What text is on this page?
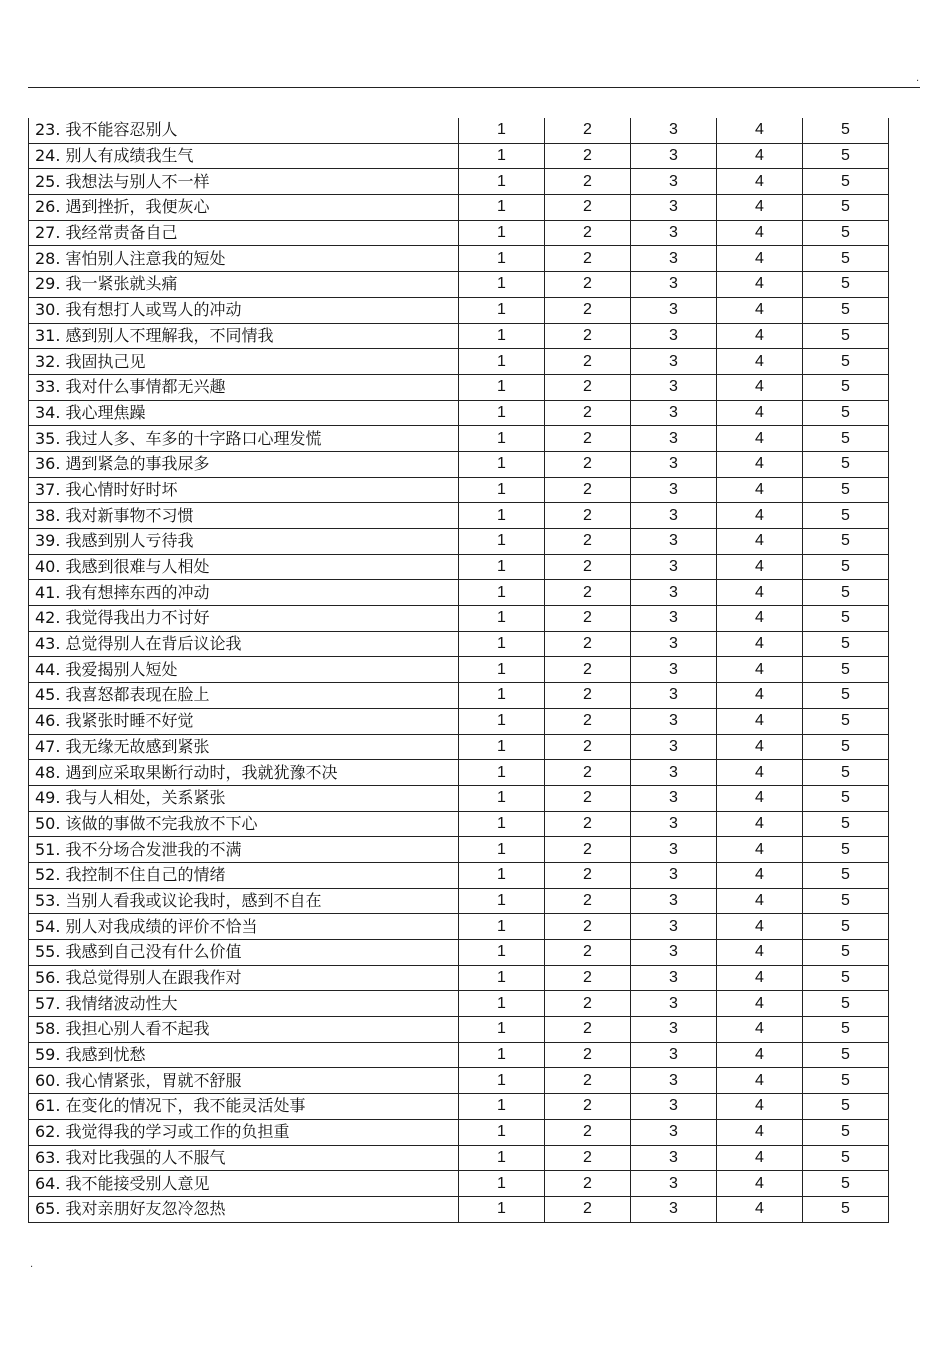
.
23. 我不能容忍别人	1	2	3	4	5
24. 别人有成绩我生气	1	2	3	4	5
25. 我想法与别人不一样	1	2	3	4	5
26. 遇到挫折，我便灰心	1	2	3	4	5
27. 我经常责备自己	1	2	3	4	5
28. 害怕别人注意我的短处	1	2	3	4	5
29. 我一紧张就头痛	1	2	3	4	5
30. 我有想打人或骂人的冲动	1	2	3	4	5
31. 感到别人不理解我，不同情我	1	2	3	4	5
32. 我固执己见	1	2	3	4	5
33. 我对什么事情都无兴趣	1	2	3	4	5
34. 我心理焦躁	1	2	3	4	5
35. 我过人多、车多的十字路口心理发慌	1	2	3	4	5
36. 遇到紧急的事我尿多	1	2	3	4	5
37. 我心情时好时坏	1	2	3	4	5
38. 我对新事物不习惯	1	2	3	4	5
39. 我感到别人亏待我	1	2	3	4	5
40. 我感到很难与人相处	1	2	3	4	5
41. 我有想摔东西的冲动	1	2	3	4	5
42. 我觉得我出力不讨好	1	2	3	4	5
43. 总觉得别人在背后议论我	1	2	3	4	5
44. 我爱揭别人短处	1	2	3	4	5
45. 我喜怒都表现在脸上	1	2	3	4	5
46. 我紧张时睡不好觉	1	2	3	4	5
47. 我无缘无故感到紧张	1	2	3	4	5
48. 遇到应采取果断行动时，我就犹豫不决	1	2	3	4	5
49. 我与人相处，关系紧张	1	2	3	4	5
50. 该做的事做不完我放不下心	1	2	3	4	5
51. 我不分场合发泄我的不满	1	2	3	4	5
52. 我控制不住自己的情绪	1	2	3	4	5
53. 当别人看我或议论我时，感到不自在	1	2	3	4	5
54. 别人对我成绩的评价不恰当	1	2	3	4	5
55. 我感到自己没有什么价值	1	2	3	4	5
56. 我总觉得别人在跟我作对	1	2	3	4	5
57. 我情绪波动性大	1	2	3	4	5
58. 我担心别人看不起我	1	2	3	4	5
59. 我感到忧愁	1	2	3	4	5
60. 我心情紧张，胃就不舒服	1	2	3	4	5
61. 在变化的情况下，我不能灵活处事	1	2	3	4	5
62. 我觉得我的学习或工作的负担重	1	2	3	4	5
63. 我对比我强的人不服气	1	2	3	4	5
64. 我不能接受别人意见	1	2	3	4	5
65. 我对亲朋好友忽冷忽热	1	2	3	4	5
.
